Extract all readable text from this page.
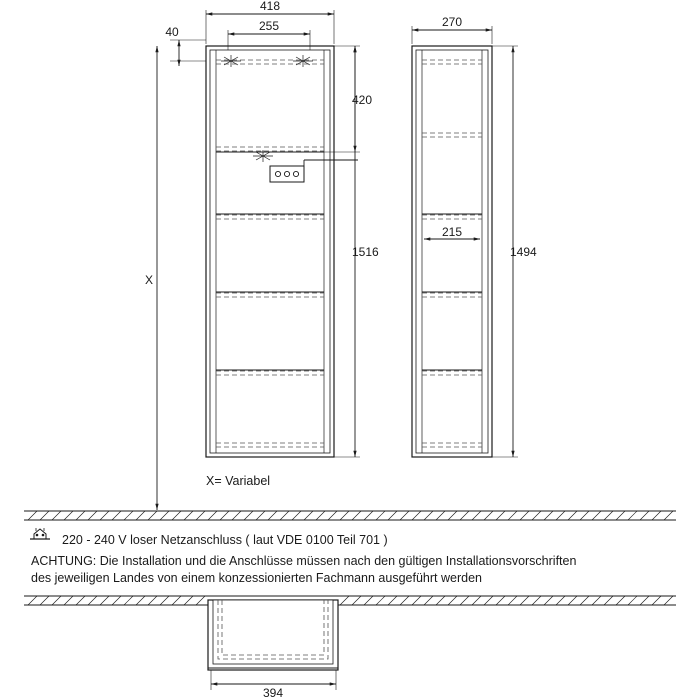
418
255
40
420
1516
X
270
215
1494
394
X= Variabel
220 - 240 V loser Netzanschluss ( laut VDE 0100 Teil 701 )
ACHTUNG: Die Installation und die Anschlüsse müssen nach den gültigen Installationsvorschriften
des jeweiligen Landes von einem konzessionierten Fachmann ausgeführt werden
